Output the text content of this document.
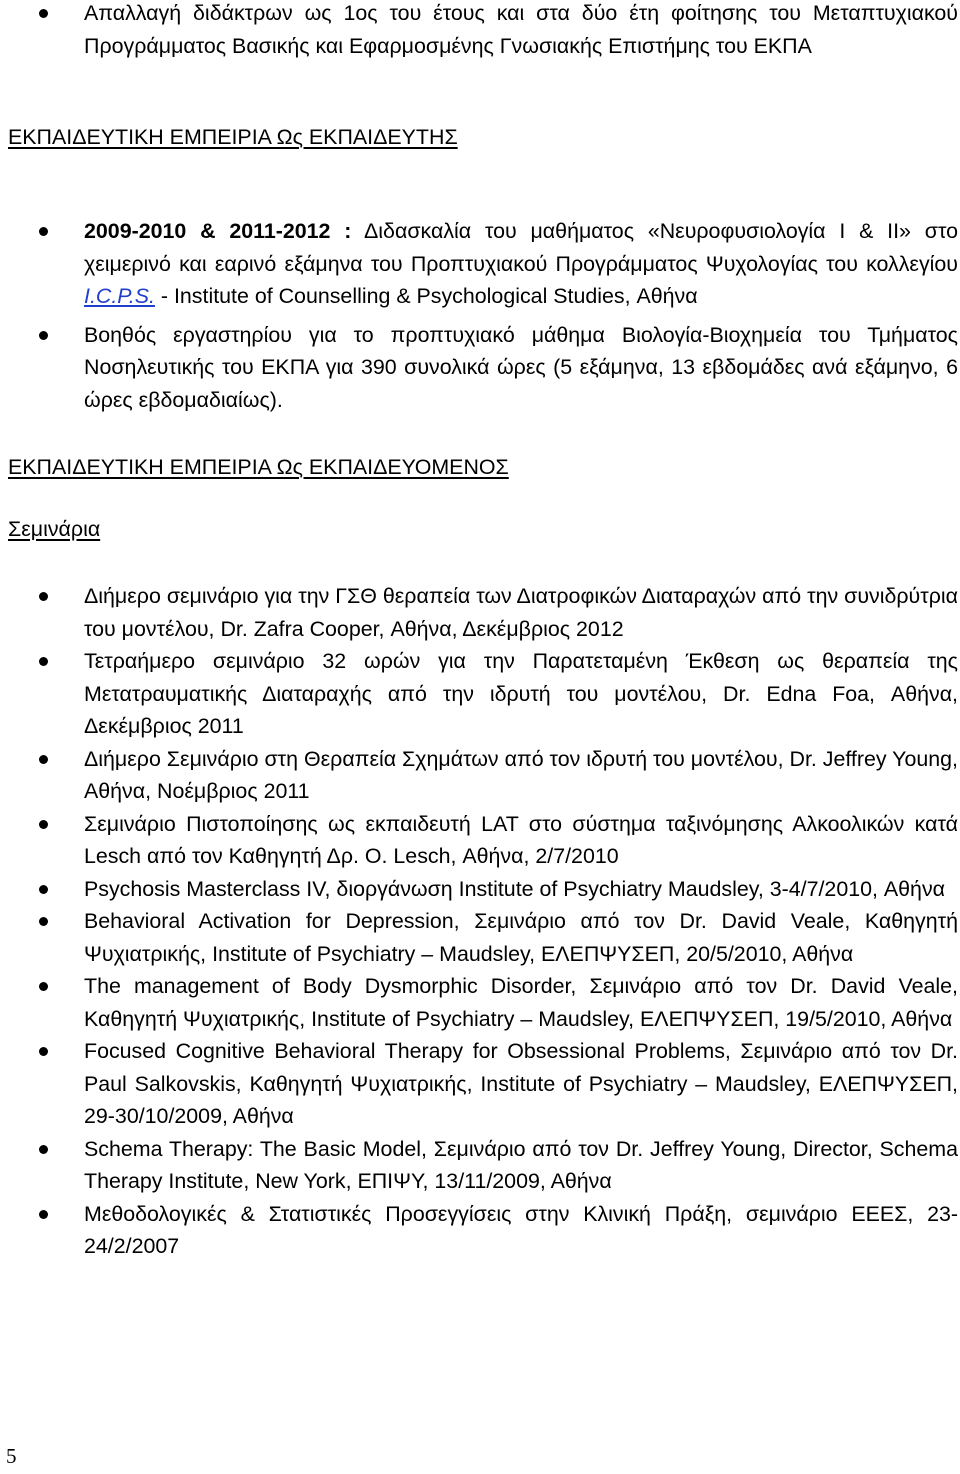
Απαλλαγή διδάκτρων ως 1ος του έτους και στα δύο έτη φοίτησης του Μεταπτυχιακού Προγράμματος Βασικής και Εφαρμοσμένης Γνωσιακής Επιστήμης του ΕΚΠΑ
ΕΚΠΑΙΔΕΥΤΙΚΗ ΕΜΠΕΙΡΙΑ Ως ΕΚΠΑΙΔΕΥΤΗΣ
2009-2010 & 2011-2012 : Διδασκαλία του μαθήματος «Νευροφυσιολογία I & II» στο χειμερινό και εαρινό εξάμηνα του Προπτυχιακού Προγράμματος Ψυχολογίας του κολλεγίου I.C.P.S. - Institute of Counselling & Psychological Studies, Αθήνα
Βοηθός εργαστηρίου για το προπτυχιακό μάθημα Βιολογία-Βιοχημεία του Τμήματος Νοσηλευτικής του ΕΚΠΑ για 390 συνολικά ώρες (5 εξάμηνα, 13 εβδομάδες ανά εξάμηνο, 6 ώρες εβδομαδιαίως).
ΕΚΠΑΙΔΕΥΤΙΚΗ ΕΜΠΕΙΡΙΑ Ως ΕΚΠΑΙΔΕΥΟΜΕΝΟΣ
Σεμινάρια
Διήμερο σεμινάριο για την ΓΣΘ θεραπεία των Διατροφικών Διαταραχών από την συνιδρύτρια του μοντέλου, Dr. Zafra Cooper, Αθήνα, Δεκέμβριος 2012
Τετραήμερο σεμινάριο 32 ωρών για την Παρατεταμένη Έκθεση ως θεραπεία της Μετατραυματικής Διαταραχής από την ιδρυτή του μοντέλου, Dr. Edna Foa, Αθήνα, Δεκέμβριος 2011
Διήμερο Σεμινάριο στη Θεραπεία Σχημάτων από τον ιδρυτή του μοντέλου, Dr. Jeffrey Young, Αθήνα, Νοέμβριος 2011
Σεμινάριο Πιστοποίησης ως εκπαιδευτή LAT στο σύστημα ταξινόμησης Αλκοολικών κατά Lesch από τον Καθηγητή Δρ. O. Lesch, Αθήνα, 2/7/2010
Psychosis Masterclass IV, διοργάνωση Institute of Psychiatry Maudsley, 3-4/7/2010, Αθήνα
Behavioral Activation for Depression, Σεμινάριο από τον Dr. David Veale, Καθηγητή Ψυχιατρικής, Institute of Psychiatry – Maudsley, ΕΛΕΠΨΥΣΕΠ, 20/5/2010, Αθήνα
The management of Body Dysmorphic Disorder, Σεμινάριο από τον Dr. David Veale, Καθηγητή Ψυχιατρικής, Institute of Psychiatry – Maudsley, ΕΛΕΠΨΥΣΕΠ, 19/5/2010, Αθήνα
Focused Cognitive Behavioral Therapy for Obsessional Problems, Σεμινάριο από τον Dr. Paul Salkovskis, Καθηγητή Ψυχιατρικής, Institute of Psychiatry – Maudsley, ΕΛΕΠΨΥΣΕΠ, 29-30/10/2009, Αθήνα
Schema Therapy: The Basic Model, Σεμινάριο από τον Dr. Jeffrey Young, Director, Schema Therapy Institute, New York, ΕΠΙΨΥ, 13/11/2009, Αθήνα
Μεθοδολογικές & Στατιστικές Προσεγγίσεις στην Κλινική Πράξη, σεμινάριο ΕΕΕΣ, 23-24/2/2007
5
